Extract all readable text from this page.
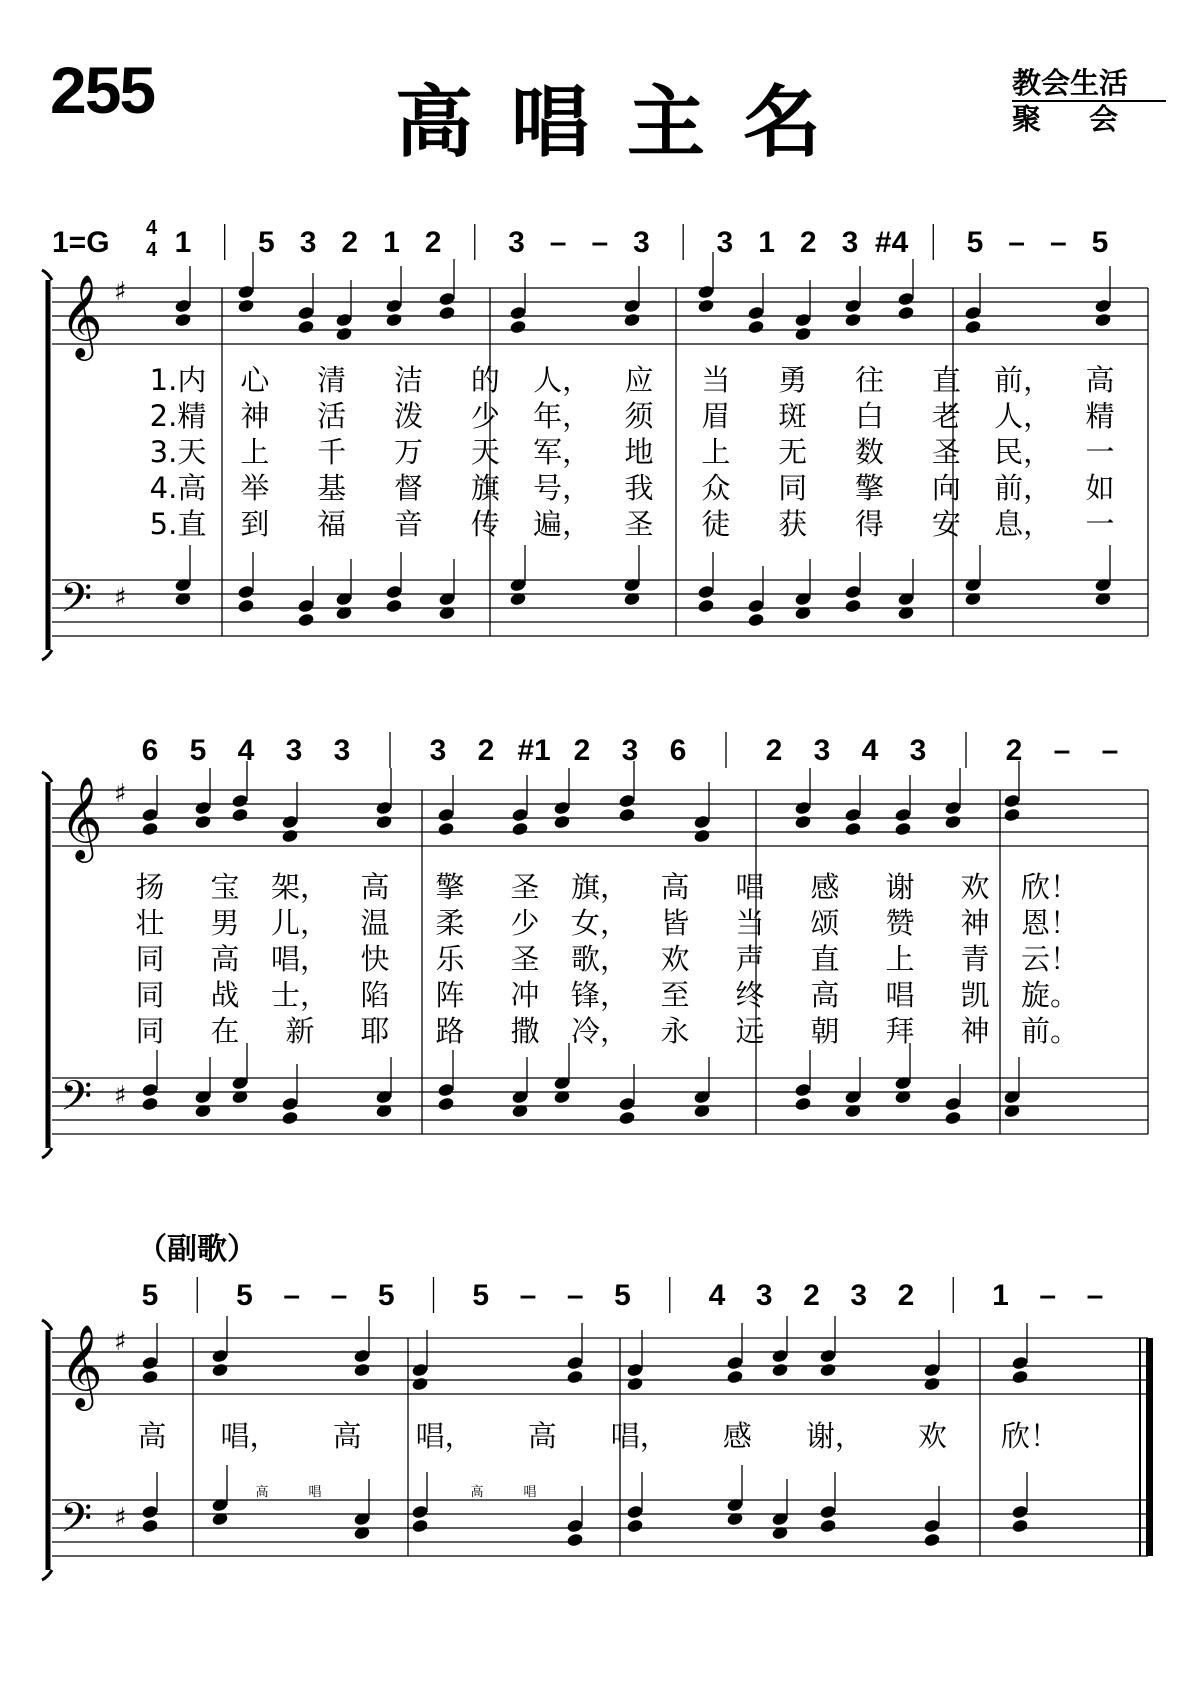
255	高唱主名	教会生活
聚会
（副歌）
1=G 4
4 1 5 3 2 1 2 3 – – 3 3 1 2 3 #4 5 – – 5
𝄞 ♯
𝄢 ♯
1.内 心 清 洁 的 人， 应 当 勇 往 直 前， 高
2.精 神 活 泼 少 年， 须 眉 斑 白 老 人， 精
3.天 上 千 万 天 军， 地 上 无 数 圣 民， 一
4.高 举 基 督 旗 号， 我 众 同 擎 向 前， 如
5.直 到 福 音 传 遍， 圣 徒 获 得 安 息， 一
6 5 4 3 3	3 2 #1 2 3 6	2 3 4 3	2 – –
𝄞 ♯
𝄢 ♯
扬 宝 架， 高 擎 圣 旗， 高 唱 感 谢 欢 欣！
壮 男 儿， 温 柔 少 女， 皆 当 颂 赞 神 恩！
同 高 唱， 快 乐 圣 歌， 欢 声 直 上 青 云！
同 战 士， 陷 阵 冲 锋， 至 终 高 唱 凯 旋。
同 在 新 耶 路 撒 冷， 永 远 朝 拜 神 前。
5	5 – – 5	5 – – 5	4 3 2 3 2	1 – –
𝄞 ♯
𝄢 ♯
高 唱， 高 唱， 高 唱， 感 谢， 欢 欣！
高	唱	高	唱
